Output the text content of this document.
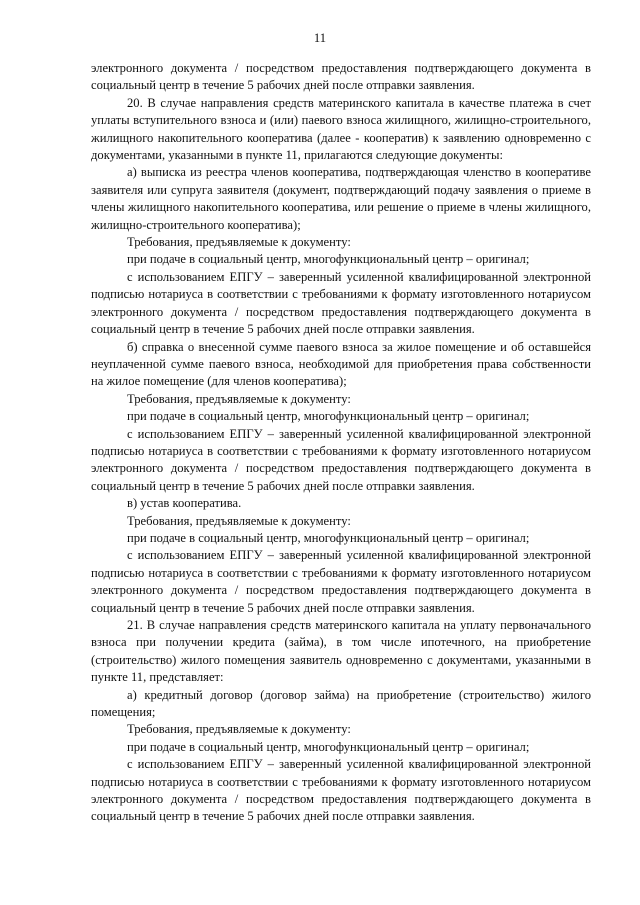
11

электронного документа / посредством предоставления подтверждающего документа в социальный центр в течение 5 рабочих дней после отправки заявления.

20. В случае направления средств материнского капитала в качестве платежа в счет уплаты вступительного взноса и (или) паевого взноса жилищного, жилищно-строительного, жилищного накопительного кооператива (далее - кооператив) к заявлению одновременно с документами, указанными в пункте 11, прилагаются следующие документы:

а) выписка из реестра членов кооператива, подтверждающая членство в кооперативе заявителя или супруга заявителя (документ, подтверждающий подачу заявления о приеме в члены жилищного накопительного кооператива, или решение о приеме в члены жилищного, жилищно-строительного кооператива);

Требования, предъявляемые к документу:

при подаче в социальный центр, многофункциональный центр – оригинал;

с использованием ЕПГУ – заверенный усиленной квалифицированной электронной подписью нотариуса в соответствии с требованиями к формату изготовленного нотариусом электронного документа / посредством предоставления подтверждающего документа в социальный центр в течение 5 рабочих дней после отправки заявления.

б) справка о внесенной сумме паевого взноса за жилое помещение и об оставшейся неуплаченной сумме паевого взноса, необходимой для приобретения права собственности на жилое помещение (для членов кооператива);

Требования, предъявляемые к документу:

при подаче в социальный центр, многофункциональный центр – оригинал;

с использованием ЕПГУ – заверенный усиленной квалифицированной электронной подписью нотариуса в соответствии с требованиями к формату изготовленного нотариусом электронного документа / посредством предоставления подтверждающего документа в социальный центр в течение 5 рабочих дней после отправки заявления.

в) устав кооператива.

Требования, предъявляемые к документу:

при подаче в социальный центр, многофункциональный центр – оригинал;

с использованием ЕПГУ – заверенный усиленной квалифицированной электронной подписью нотариуса в соответствии с требованиями к формату изготовленного нотариусом электронного документа / посредством предоставления подтверждающего документа в социальный центр в течение 5 рабочих дней после отправки заявления.

21. В случае направления средств материнского капитала на уплату первоначального взноса при получении кредита (займа), в том числе ипотечного, на приобретение (строительство) жилого помещения заявитель одновременно с документами, указанными в пункте 11, представляет:

а) кредитный договор (договор займа) на приобретение (строительство) жилого помещения;

Требования, предъявляемые к документу:

при подаче в социальный центр, многофункциональный центр – оригинал;

с использованием ЕПГУ – заверенный усиленной квалифицированной электронной подписью нотариуса в соответствии с требованиями к формату изготовленного нотариусом электронного документа / посредством предоставления подтверждающего документа в социальный центр в течение 5 рабочих дней после отправки заявления.
